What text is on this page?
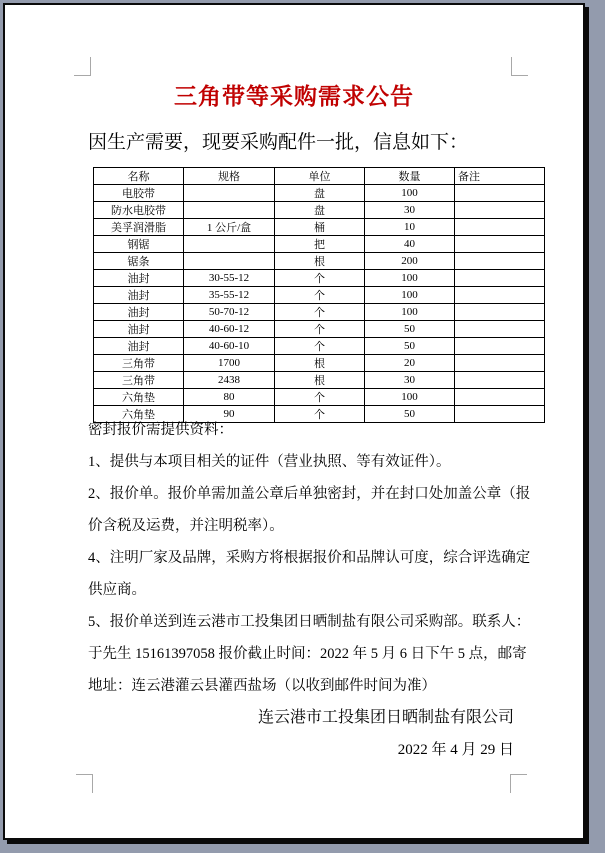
三角带等采购需求公告
因生产需要，现要采购配件一批，信息如下：
名称	规格	单位	数量	备注
电胶带		盘	100	
防水电胶带		盘	30	
美孚润滑脂	1 公斤/盒	桶	10	
钢锯		把	40	
锯条		根	200	
油封	30-55-12	个	100	
油封	35-55-12	个	100	
油封	50-70-12	个	100	
油封	40-60-12	个	50	
油封	40-60-10	个	50	
三角带	1700	根	20	
三角带	2438	根	30	
六角垫	80	个	100	
六角垫	90	个	50	
密封报价需提供资料：
1、提供与本项目相关的证件（营业执照、等有效证件）。
2、报价单。报价单需加盖公章后单独密封，并在封口处加盖公章（报价含税及运费，并注明税率）。
4、注明厂家及品牌，采购方将根据报价和品牌认可度，综合评选确定供应商。
5、报价单送到连云港市工投集团日晒制盐有限公司采购部。联系人：于先生 15161397058 报价截止时间：2022 年 5 月 6 日下午 5 点，邮寄地址：连云港灌云县灌西盐场（以收到邮件时间为准）
连云港市工投集团日晒制盐有限公司
2022 年 4 月 29 日
